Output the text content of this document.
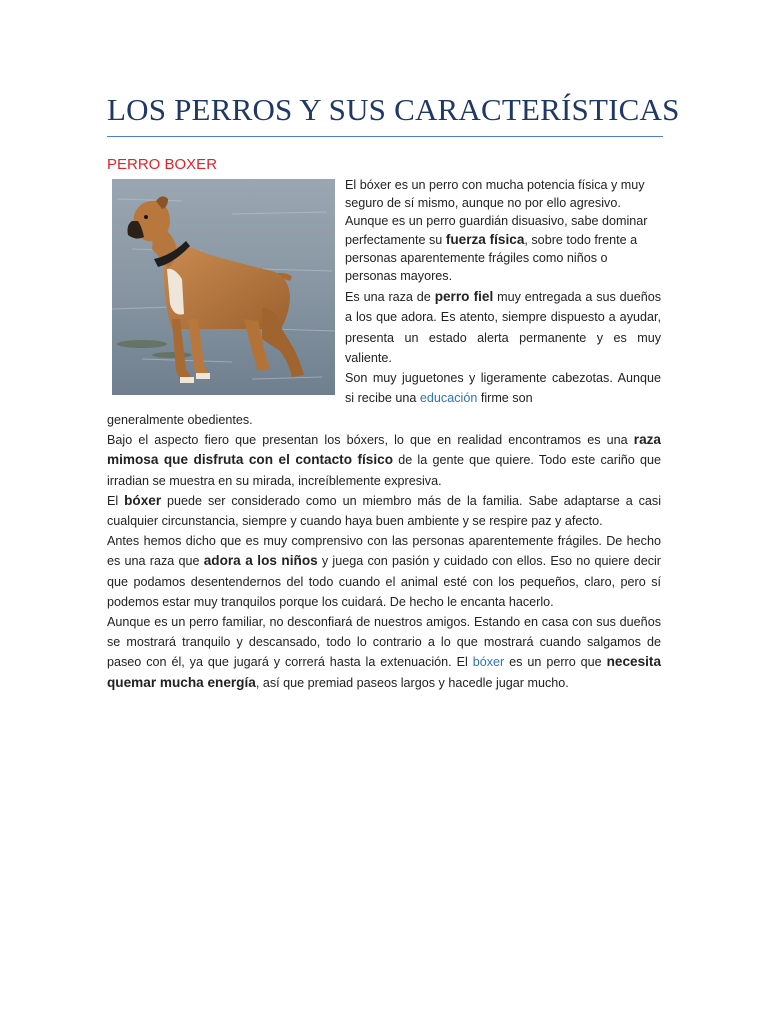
LOS PERROS Y SUS CARACTERÍSTICAS
PERRO BOXER

El bóxer es un perro con mucha potencia física y muy seguro de sí mismo, aunque no por ello agresivo. Aunque es un perro guardián disuasivo, sabe dominar perfectamente su fuerza física, sobre todo frente a personas aparentemente frágiles como niños o personas mayores.

Es una raza de perro fiel muy entregada a sus dueños a los que adora. Es atento, siempre dispuesto a ayudar, presenta un estado alerta permanente y es muy valiente.

Son muy juguetones y ligeramente cabezotas. Aunque si recibe una educación firme son

generalmente obedientes.

Bajo el aspecto fiero que presentan los bóxers, lo que en realidad encontramos es una raza mimosa que disfruta con el contacto físico de la gente que quiere. Todo este cariño que irradian se muestra en su mirada, increíblemente expresiva.

El bóxer puede ser considerado como un miembro más de la familia. Sabe adaptarse a casi cualquier circunstancia, siempre y cuando haya buen ambiente y se respire paz y afecto.

Antes hemos dicho que es muy comprensivo con las personas aparentemente frágiles. De hecho es una raza que adora a los niños y juega con pasión y cuidado con ellos. Eso no quiere decir que podamos desentendernos del todo cuando el animal esté con los pequeños, claro, pero sí podemos estar muy tranquilos porque los cuidará. De hecho le encanta hacerlo.

Aunque es un perro familiar, no desconfiará de nuestros amigos. Estando en casa con sus dueños se mostrará tranquilo y descansado, todo lo contrario a lo que mostrará cuando salgamos de paseo con él, ya que jugará y correrá hasta la extenuación. El bóxer es un perro que necesita quemar mucha energía, así que premiad paseos largos y hacedle jugar mucho.
